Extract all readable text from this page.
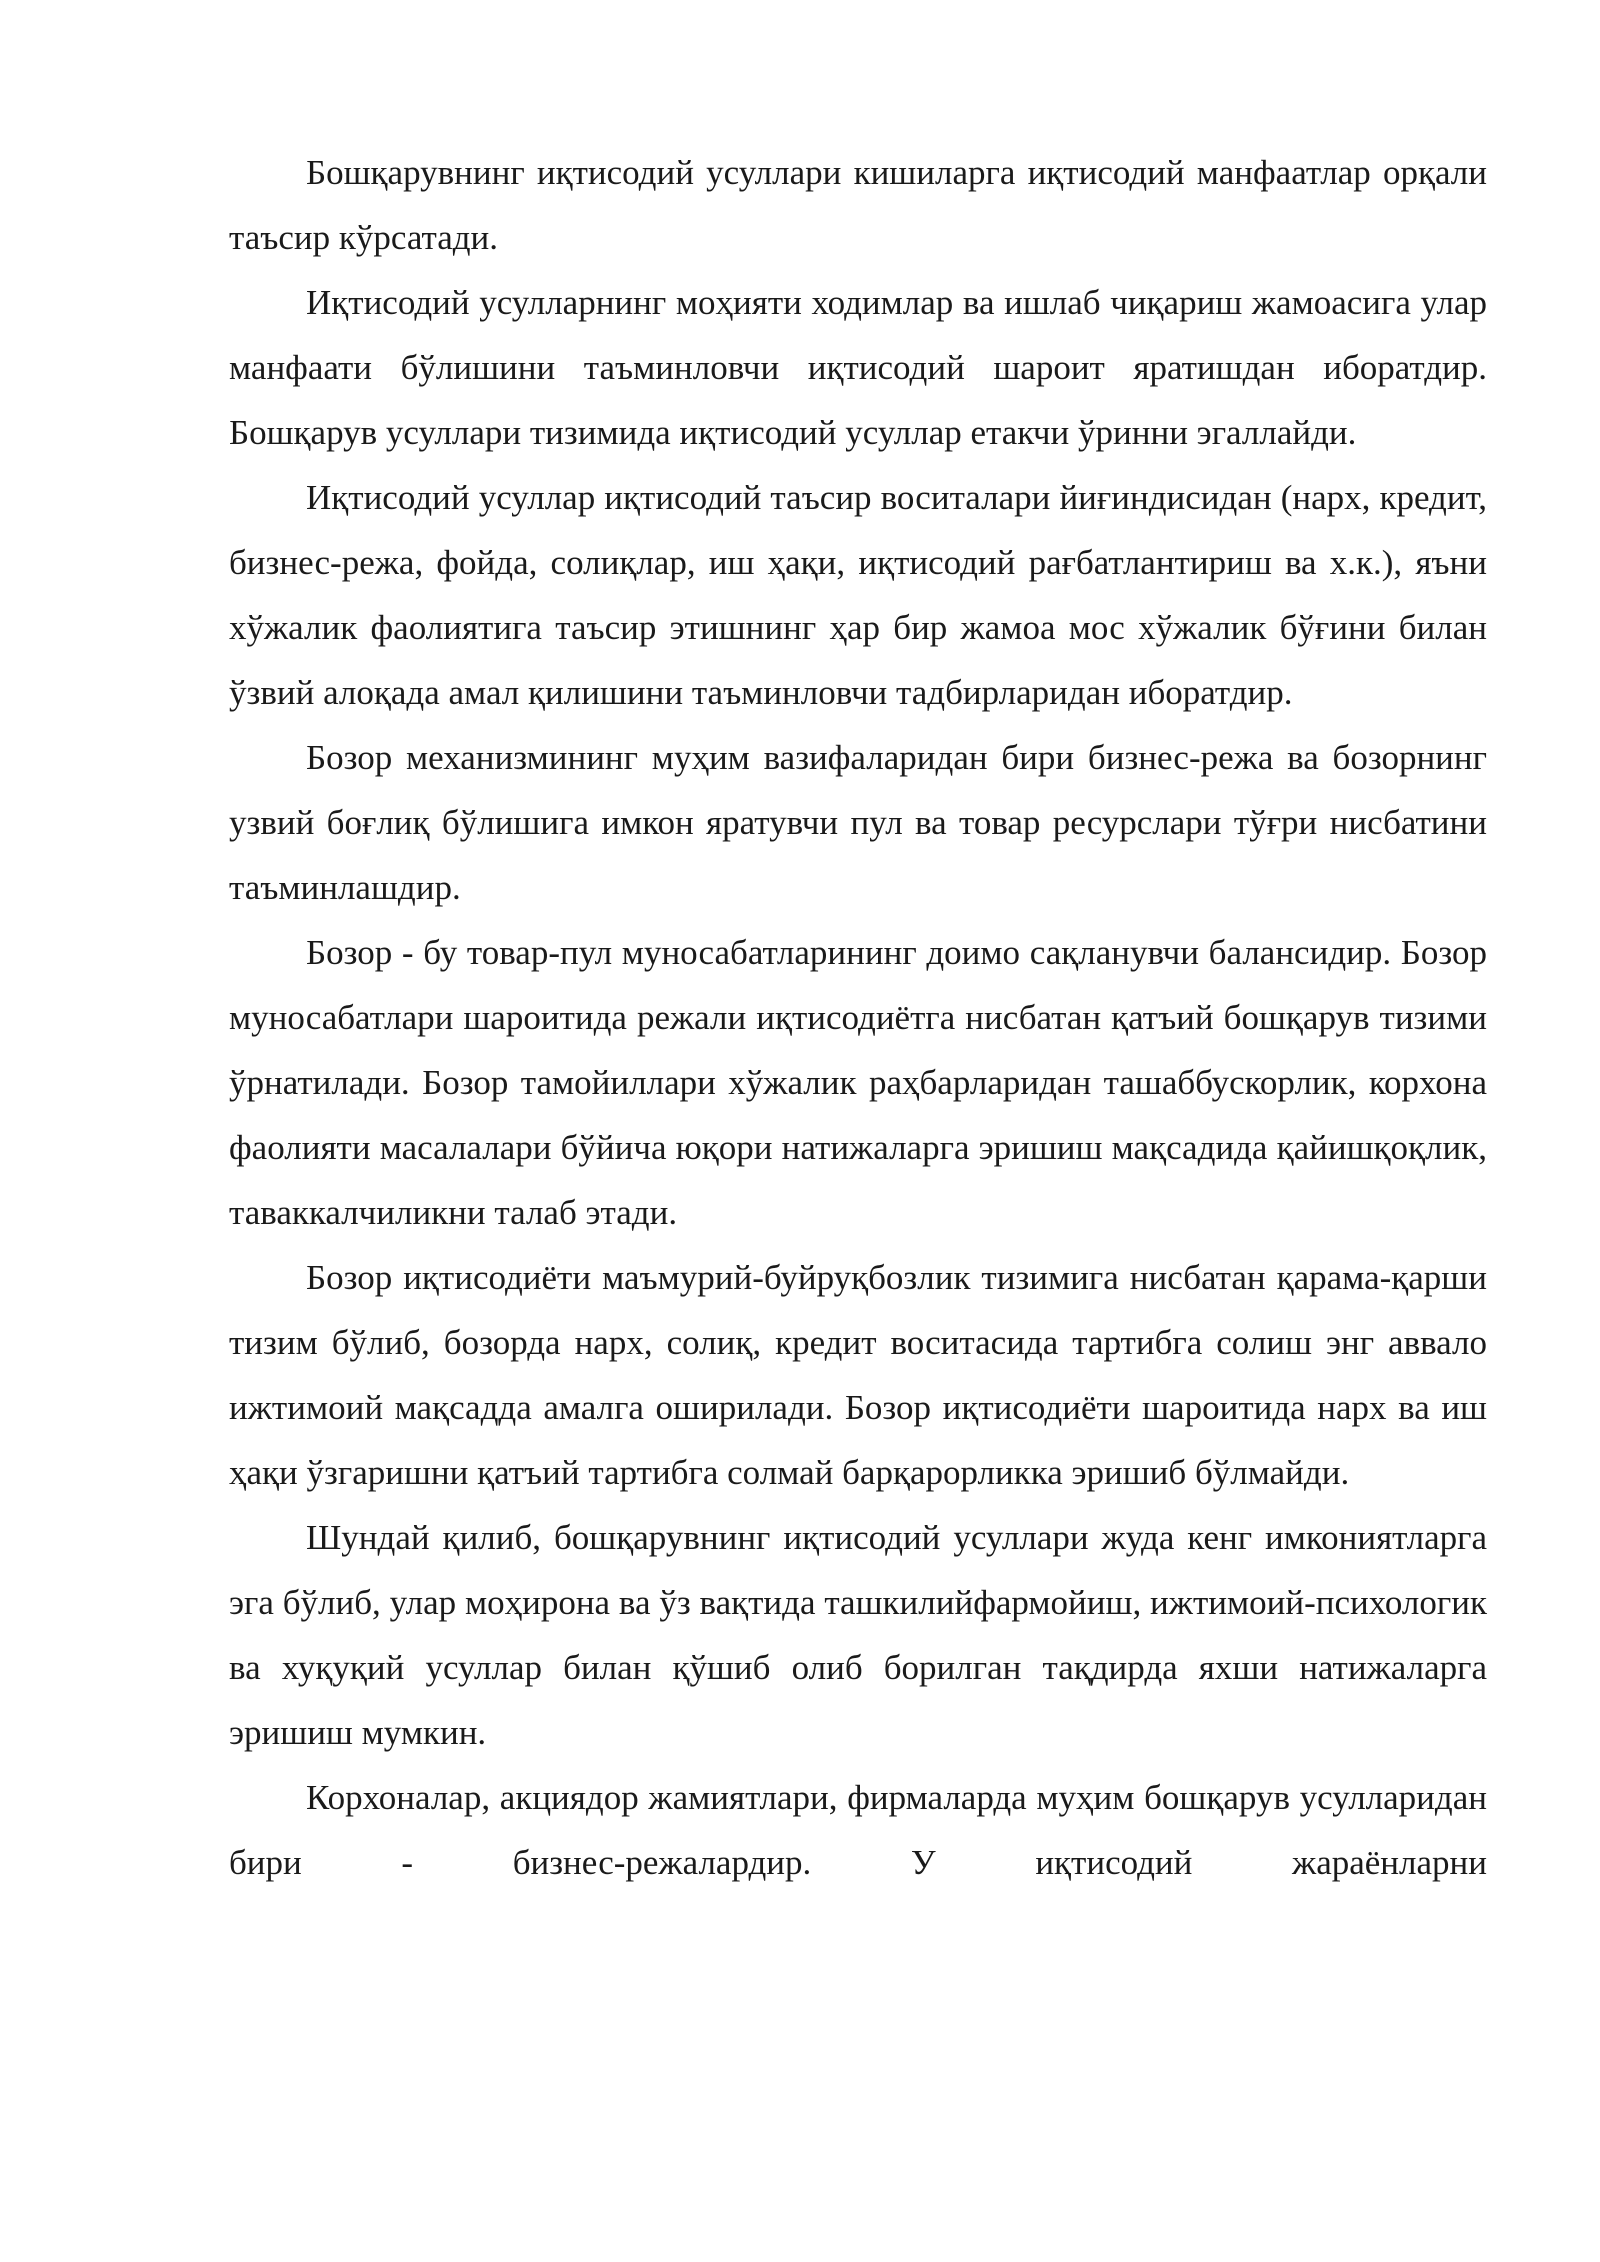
Бошқарувнинг иқтисодий усуллари кишиларга иқтисодий манфаатлар орқали таъсир кўрсатади.

Иқтисодий усулларнинг моҳияти ходимлар ва ишлаб чиқариш жамоасига улар манфаати бўлишини таъминловчи иқтисодий шароит яратишдан иборатдир. Бошқарув усуллари тизимида иқтисодий усуллар етакчи ўринни эгаллайди.

Иқтисодий усуллар иқтисодий таъсир воситалари йиғиндисидан (нарх, кредит, бизнес-режа, фойда, солиқлар, иш ҳақи, иқтисодий рағбатлантириш ва х.к.), яъни хўжалик фаолиятига таъсир этишнинг ҳар бир жамоа мос хўжалик бўғини билан ўзвий алоқада амал қилишини таъминловчи тадбирларидан иборатдир.

Бозор механизмининг муҳим вазифаларидан бири бизнес-режа ва бозорнинг узвий боғлиқ бўлишига имкон яратувчи пул ва товар ресурслари тўғри нисбатини таъминлашдир.

Бозор - бу товар-пул муносабатларининг доимо сақланувчи балансидир. Бозор муносабатлари шароитида режали иқтисодиётга нисбатан қатъий бошқарув тизими ўрнатилади. Бозор тамойиллари хўжалик раҳбарларидан ташаббускорлик, корхона фаолияти масалалари бўйича юқори натижаларга эришиш мақсадида қайишқоқлик, таваккалчиликни талаб этади.

Бозор иқтисодиёти маъмурий-буйруқбозлик тизимига нисбатан қарама-қарши тизим бўлиб, бозорда нарх, солиқ, кредит воситасида тартибга солиш энг аввало ижтимоий мақсадда амалга оширилади. Бозор иқтисодиёти шароитида нарх ва иш ҳақи ўзгаришни қатъий тартибга солмай барқарорликка эришиб бўлмайди.

Шундай қилиб, бошқарувнинг иқтисодий усуллари жуда кенг имкониятларга эга бўлиб, улар моҳирона ва ўз вақтида ташкилийфармойиш, ижтимоий-психологик ва хуқуқий усуллар билан қўшиб олиб борилган тақдирда яхши натижаларга эришиш мумкин.

Корхоналар, акциядор жамиятлари, фирмаларда муҳим бошқарув усулларидан бири - бизнес-режалардир. У иқтисодий жараёнларни
